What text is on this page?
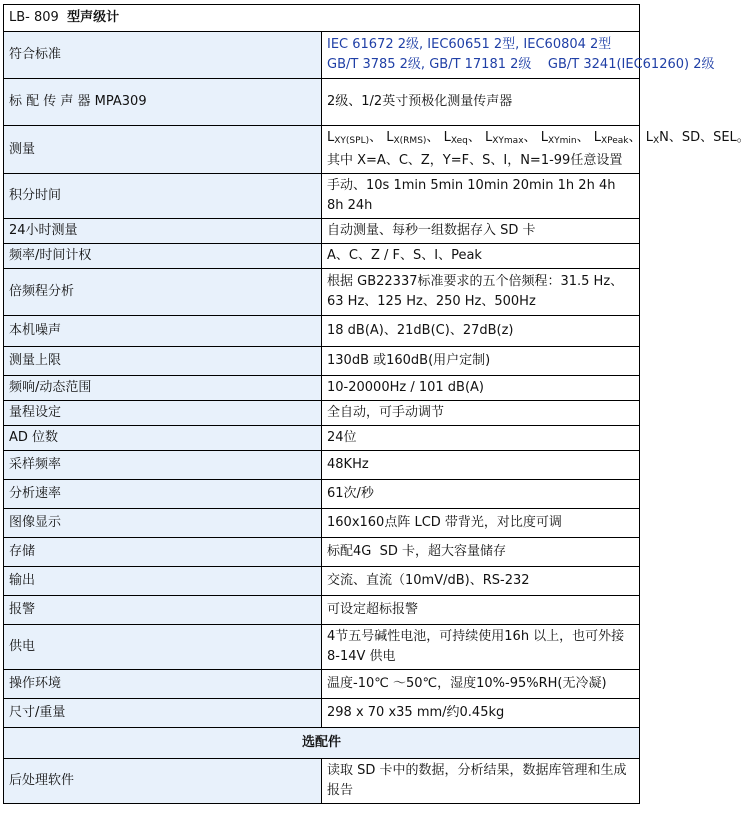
LB- 809 型声级计	
符合标准	IEC 61672 2级, IEC60651 2型, IEC60804 2型
GB/T 3785 2级, GB/T 17181 2级    GB/T 3241(IEC61260) 2级

标 配 传 声 器 MPA309	2级、1/2英寸预极化测量传声器
测量	$L_{XY(SPL)}$、 $L_{X(RMS)}$、 $L_{Xeq}$、 $L_{XYmax}$、 $L_{XYmin}$、 $L_{XPeak}$、 $L_XN$、SD、SEL。
其中 X=A、C、Z，Y=F、S、I，N=1-99任意设置

积分时间	手动、10s 1min 5min 10min 20min 1h 2h 4h 8h 24h
24小时测量	自动测量、每秒一组数据存入 SD 卡
频率/时间计权	A、C、Z / F、S、I、Peak
倍频程分析	根据 GB22337标准要求的五个倍频程：31.5 Hz、63 Hz、125 Hz、250 Hz、500Hz
本机噪声	18 dB(A)、21dB(C)、27dB(z)
测量上限	130dB 或160dB(用户定制)
频响/动态范围	10-20000Hz / 101 dB(A)
量程设定	全自动，可手动调节
AD 位数	24位
采样频率	48KHz
分析速率	61次/秒
图像显示	160x160点阵 LCD 带背光，对比度可调
存储	标配4G  SD 卡，超大容量储存
输出	交流、直流（10mV/dB)、RS-232
报警	可设定超标报警
供电	4节五号碱性电池，可持续使用16h 以上，也可外接8-14V 供电
操作环境	温度-10℃ ～50℃，湿度10%-95%RH(无冷凝)
尺寸/重量	298 x 70 x35 mm/约0.45kg
选配件	
后处理软件	读取 SD 卡中的数据，分析结果，数据库管理和生成报告
